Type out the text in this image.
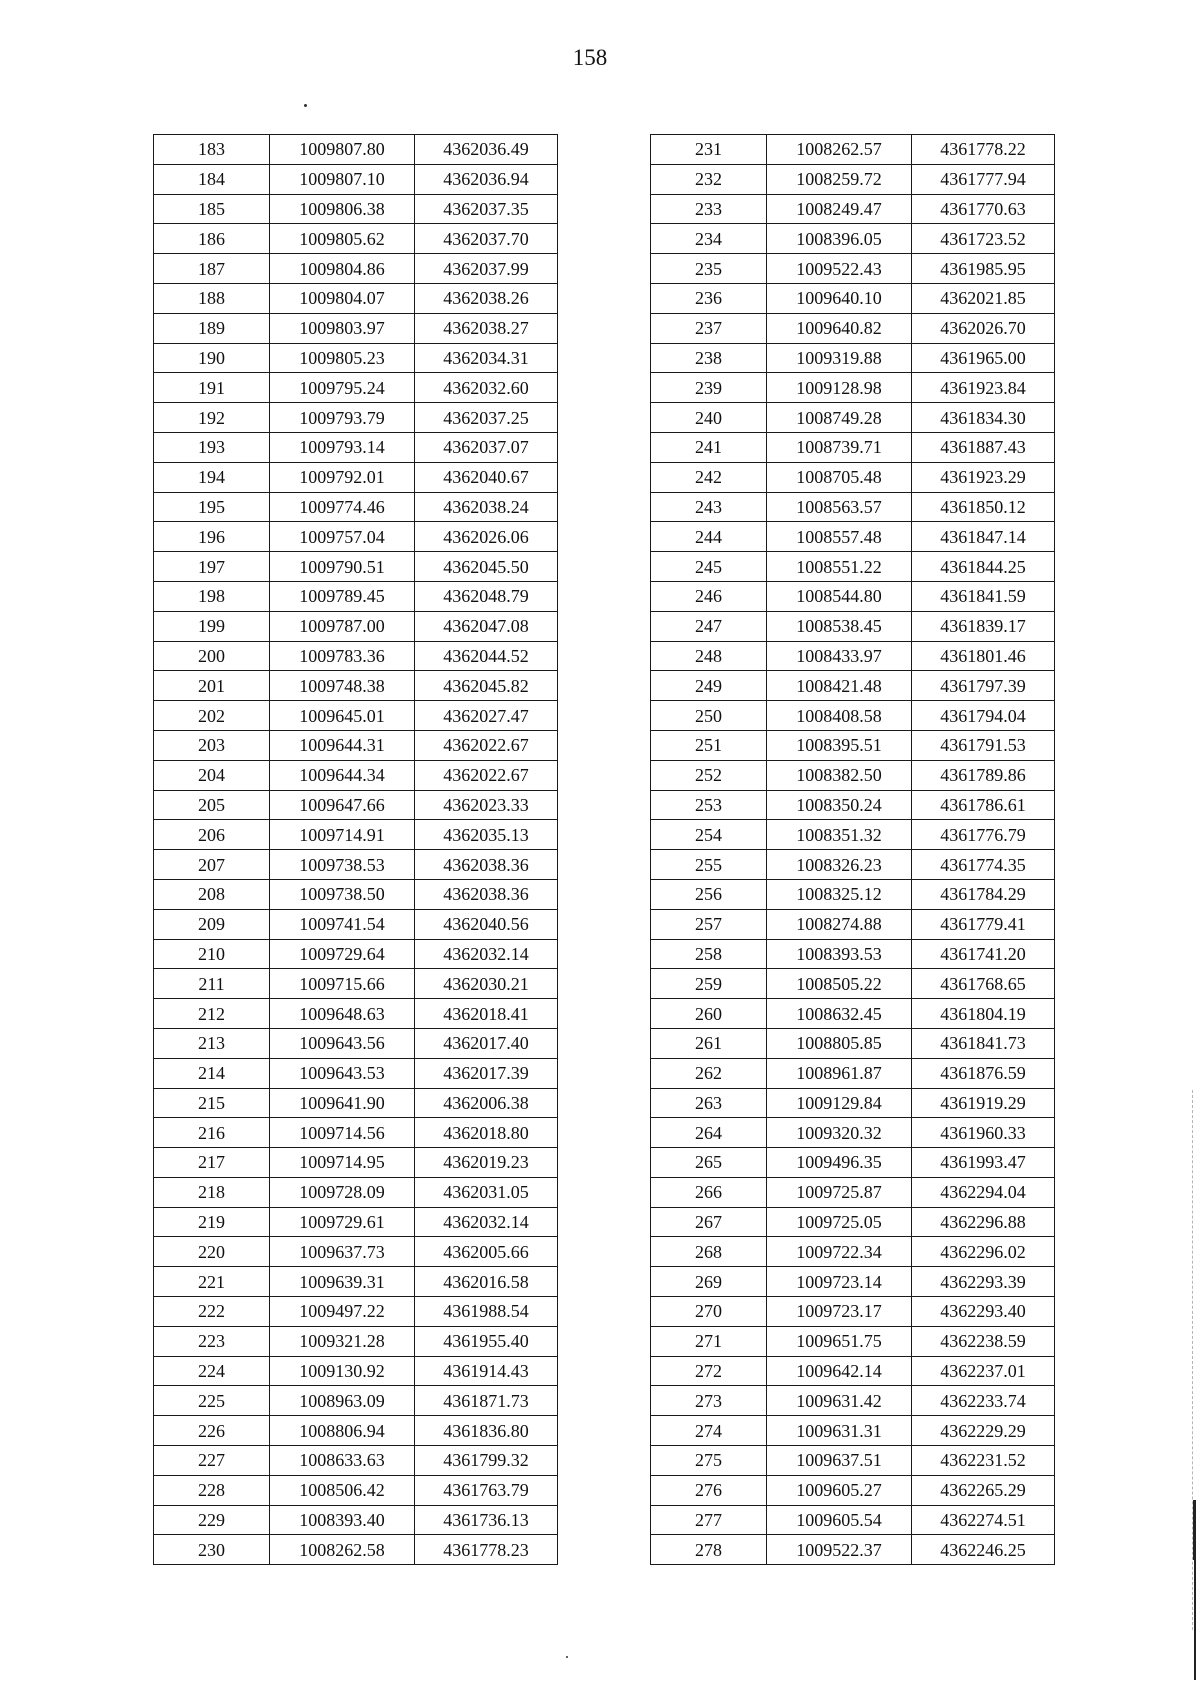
158
183	1009807.80	4362036.49
184	1009807.10	4362036.94
185	1009806.38	4362037.35
186	1009805.62	4362037.70
187	1009804.86	4362037.99
188	1009804.07	4362038.26
189	1009803.97	4362038.27
190	1009805.23	4362034.31
191	1009795.24	4362032.60
192	1009793.79	4362037.25
193	1009793.14	4362037.07
194	1009792.01	4362040.67
195	1009774.46	4362038.24
196	1009757.04	4362026.06
197	1009790.51	4362045.50
198	1009789.45	4362048.79
199	1009787.00	4362047.08
200	1009783.36	4362044.52
201	1009748.38	4362045.82
202	1009645.01	4362027.47
203	1009644.31	4362022.67
204	1009644.34	4362022.67
205	1009647.66	4362023.33
206	1009714.91	4362035.13
207	1009738.53	4362038.36
208	1009738.50	4362038.36
209	1009741.54	4362040.56
210	1009729.64	4362032.14
211	1009715.66	4362030.21
212	1009648.63	4362018.41
213	1009643.56	4362017.40
214	1009643.53	4362017.39
215	1009641.90	4362006.38
216	1009714.56	4362018.80
217	1009714.95	4362019.23
218	1009728.09	4362031.05
219	1009729.61	4362032.14
220	1009637.73	4362005.66
221	1009639.31	4362016.58
222	1009497.22	4361988.54
223	1009321.28	4361955.40
224	1009130.92	4361914.43
225	1008963.09	4361871.73
226	1008806.94	4361836.80
227	1008633.63	4361799.32
228	1008506.42	4361763.79
229	1008393.40	4361736.13
230	1008262.58	4361778.23
231	1008262.57	4361778.22
232	1008259.72	4361777.94
233	1008249.47	4361770.63
234	1008396.05	4361723.52
235	1009522.43	4361985.95
236	1009640.10	4362021.85
237	1009640.82	4362026.70
238	1009319.88	4361965.00
239	1009128.98	4361923.84
240	1008749.28	4361834.30
241	1008739.71	4361887.43
242	1008705.48	4361923.29
243	1008563.57	4361850.12
244	1008557.48	4361847.14
245	1008551.22	4361844.25
246	1008544.80	4361841.59
247	1008538.45	4361839.17
248	1008433.97	4361801.46
249	1008421.48	4361797.39
250	1008408.58	4361794.04
251	1008395.51	4361791.53
252	1008382.50	4361789.86
253	1008350.24	4361786.61
254	1008351.32	4361776.79
255	1008326.23	4361774.35
256	1008325.12	4361784.29
257	1008274.88	4361779.41
258	1008393.53	4361741.20
259	1008505.22	4361768.65
260	1008632.45	4361804.19
261	1008805.85	4361841.73
262	1008961.87	4361876.59
263	1009129.84	4361919.29
264	1009320.32	4361960.33
265	1009496.35	4361993.47
266	1009725.87	4362294.04
267	1009725.05	4362296.88
268	1009722.34	4362296.02
269	1009723.14	4362293.39
270	1009723.17	4362293.40
271	1009651.75	4362238.59
272	1009642.14	4362237.01
273	1009631.42	4362233.74
274	1009631.31	4362229.29
275	1009637.51	4362231.52
276	1009605.27	4362265.29
277	1009605.54	4362274.51
278	1009522.37	4362246.25
